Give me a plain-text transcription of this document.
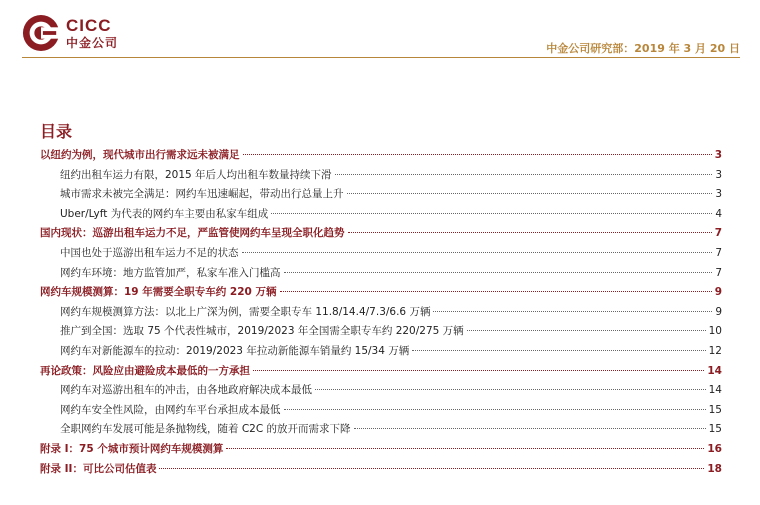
CICC
中金公司	中金公司研究部：2019 年 3 月 20 日
目录
以纽约为例，现代城市出行需求远未被满足	3
纽约出租车运力有限，2015 年后人均出租车数量持续下滑	3
城市需求未被完全满足：网约车迅速崛起，带动出行总量上升	3
Uber/Lyft 为代表的网约车主要由私家车组成	4
国内现状：巡游出租车运力不足，严监管使网约车呈现全职化趋势	7
中国也处于巡游出租车运力不足的状态	7
网约车环境：地方监管加严，私家车准入门槛高	7
网约车规模测算：19 年需要全职专车约 220 万辆	9
网约车规模测算方法：以北上广深为例，需要全职专车 11.8/14.4/7.3/6.6 万辆	9
推广到全国：选取 75 个代表性城市，2019/2023 年全国需全职专车约 220/275 万辆	10
网约车对新能源车的拉动：2019/2023 年拉动新能源车销量约 15/34 万辆	12
再论政策：风险应由避险成本最低的一方承担	14
网约车对巡游出租车的冲击，由各地政府解决成本最低	14
网约车安全性风险，由网约车平台承担成本最低	15
全职网约车发展可能是条抛物线，随着 C2C 的放开而需求下降	15
附录 I：75 个城市预计网约车规模测算	16
附录 II：可比公司估值表	18
